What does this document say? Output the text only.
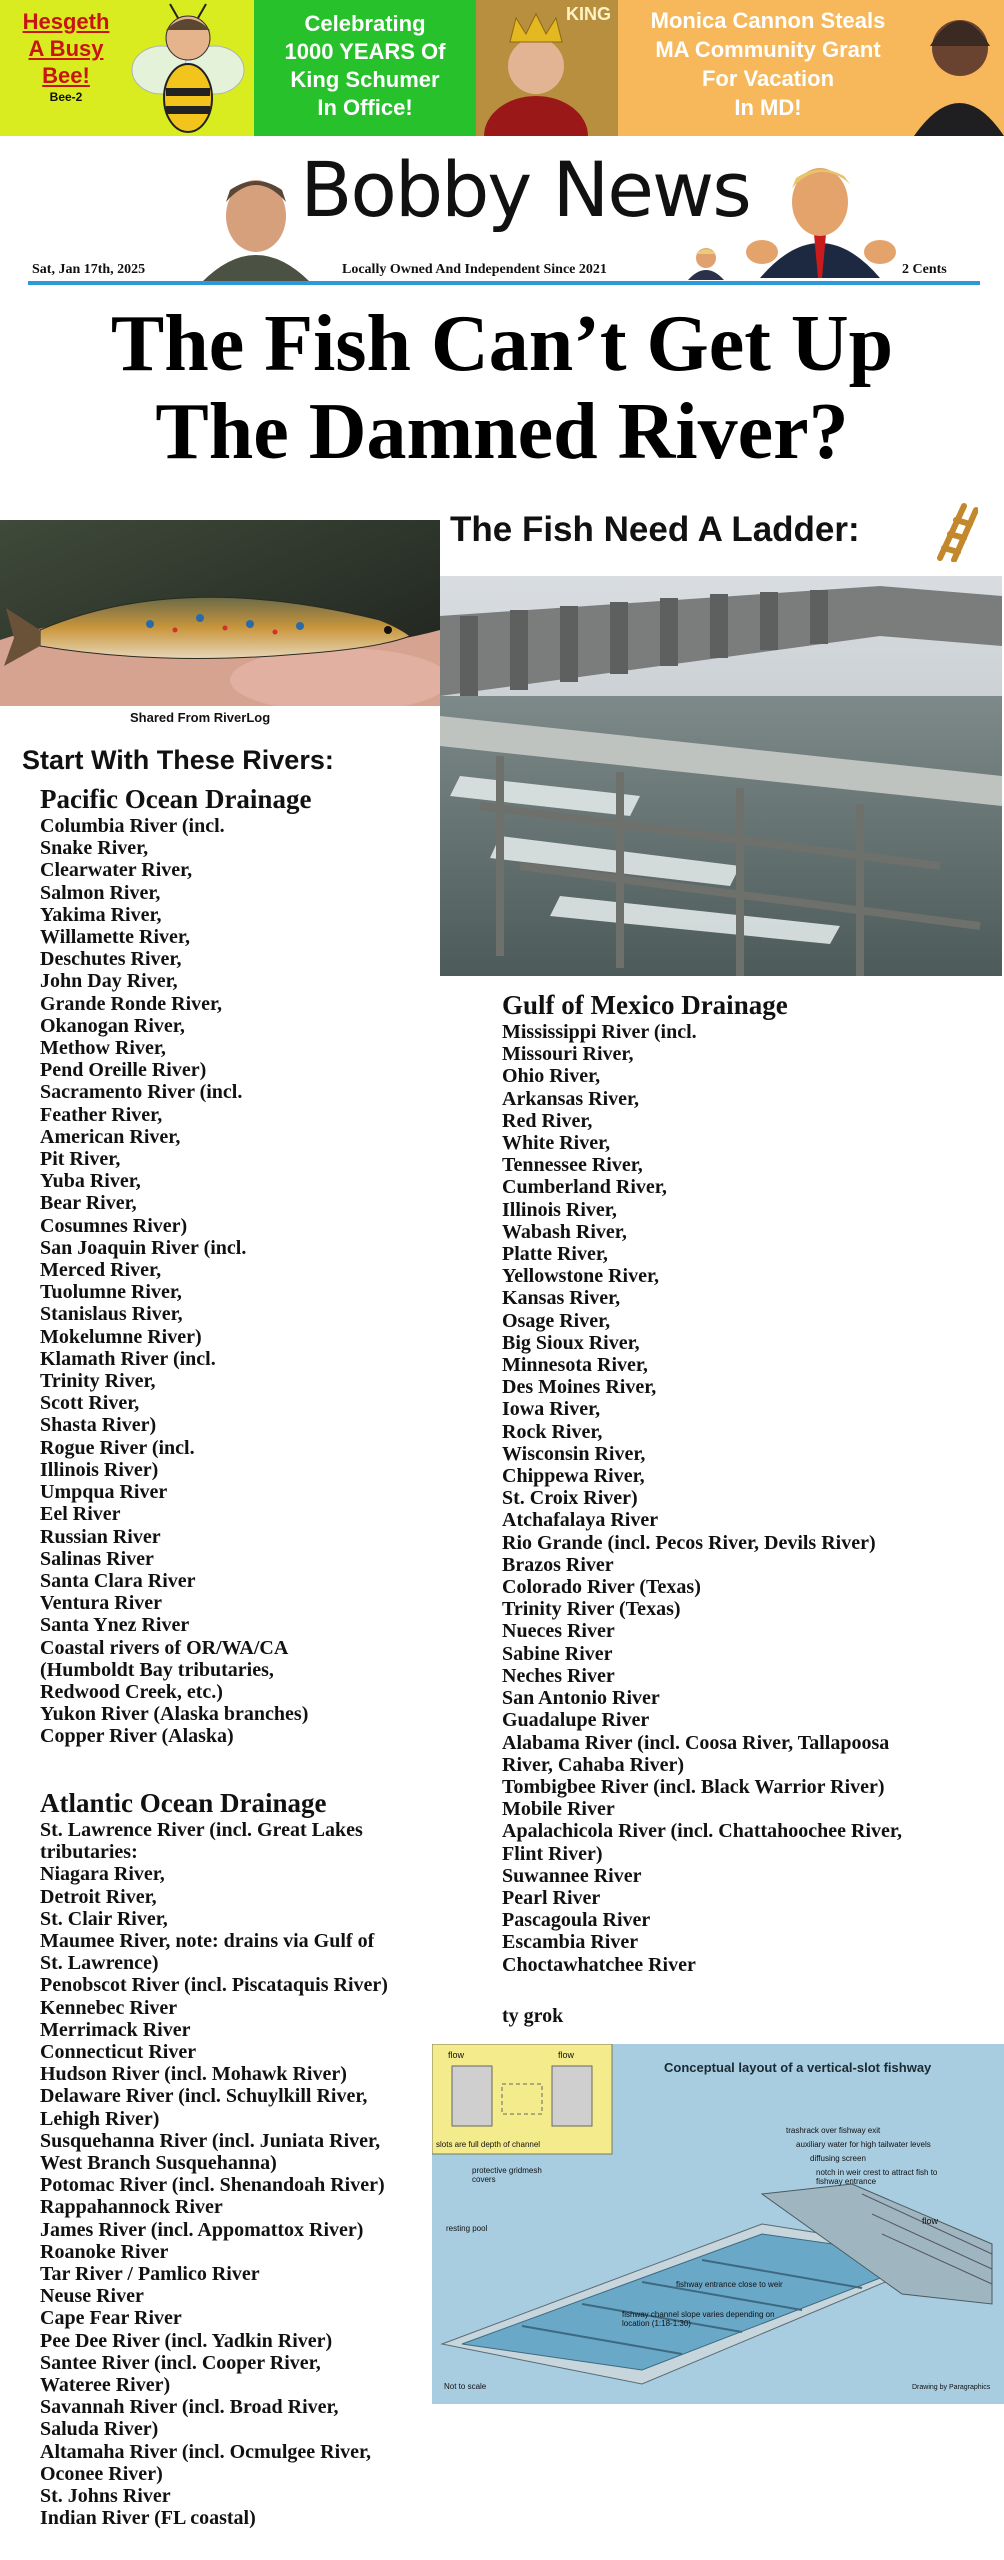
Hesgeth
A Busy
Bee!
Bee-2
Celebrating
1000 YEARS Of
King Schumer
In Office!
KING	Monica Cannon Steals
MA Community Grant
For Vacation
In MD!
Bobby News
Sat, Jan 17th, 2025	Locally Owned And Independent Since 2021	2 Cents
The Fish Can’t Get Up
The Damned River?
Shared From RiverLog
The Fish Need A Ladder:
Start With These Rivers:
Pacific Ocean Drainage
Columbia River (incl.
Snake River,
Clearwater River,
Salmon River,
Yakima River,
Willamette River,
Deschutes River,
John Day River,
Grande Ronde River,
Okanogan River,
Methow River,
Pend Oreille River)
Sacramento River (incl.
Feather River,
American River,
Pit River,
Yuba River,
Bear River,
Cosumnes River)
San Joaquin River (incl.
Merced River,
Tuolumne River,
Stanislaus River,
Mokelumne River)
Klamath River (incl.
Trinity River,
Scott River,
Shasta River)
Rogue River (incl.
Illinois River)
Umpqua River
Eel River
Russian River
Salinas River
Santa Clara River
Ventura River
Santa Ynez River
Coastal rivers of OR/WA/CA
(Humboldt Bay tributaries,
Redwood Creek, etc.)
Yukon River (Alaska branches)
Copper River (Alaska)
Atlantic Ocean Drainage
St. Lawrence River (incl. Great Lakes
tributaries:
Niagara River,
Detroit River,
St. Clair River,
Maumee River, note: drains via Gulf of
St. Lawrence)
Penobscot River (incl. Piscataquis River)
Kennebec River
Merrimack River
Connecticut River
Hudson River (incl. Mohawk River)
Delaware River (incl. Schuylkill River,
Lehigh River)
Susquehanna River (incl. Juniata River,
West Branch Susquehanna)
Potomac River (incl. Shenandoah River)
Rappahannock River
James River (incl. Appomattox River)
Roanoke River
Tar River / Pamlico River
Neuse River
Cape Fear River
Pee Dee River (incl. Yadkin River)
Santee River (incl. Cooper River,
Wateree River)
Savannah River (incl. Broad River,
Saluda River)
Altamaha River (incl. Ocmulgee River,
Oconee River)
St. Johns River
Indian River (FL coastal)
Gulf of Mexico Drainage
Mississippi River (incl.
Missouri River,
Ohio River,
Arkansas River,
Red River,
White River,
Tennessee River,
Cumberland River,
Illinois River,
Wabash River,
Platte River,
Yellowstone River,
Kansas River,
Osage River,
Big Sioux River,
Minnesota River,
Des Moines River,
Iowa River,
Rock River,
Wisconsin River,
Chippewa River,
St. Croix River)
Atchafalaya River
Rio Grande (incl. Pecos River, Devils River)
Brazos River
Colorado River (Texas)
Trinity River (Texas)
Nueces River
Sabine River
Neches River
San Antonio River
Guadalupe River
Alabama River (incl. Coosa River, Tallapoosa
River, Cahaba River)
Tombigbee River (incl. Black Warrior River)
Mobile River
Apalachicola River (incl. Chattahoochee River,
Flint River)
Suwannee River
Pearl River
Pascagoula River
Escambia River
Choctawhatchee River
ty grok
Conceptual layout of a vertical-slot fishway
flow	flow
slots are full depth of channel
trashrack over fishway exit
auxiliary water for high tailwater levels
diffusing screen
notch in weir crest to attract fish to fishway entrance
protective gridmesh covers
resting pool
flow
fishway entrance close to weir
fishway channel slope varies depending on location (1:18-1:30)
Not to scale	Drawing by Paragraphics
